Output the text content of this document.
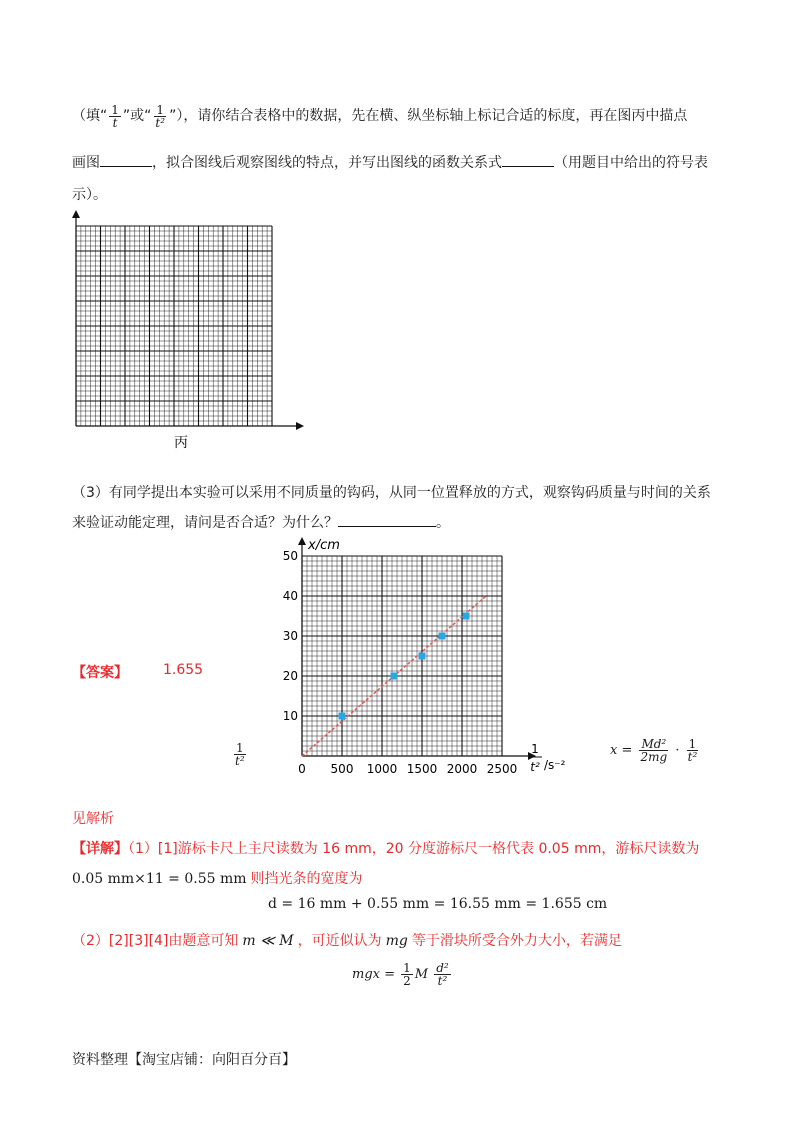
（填“ $\frac{1}{t}$ ”或“ $\frac{1}{\text{t²}}$ ”），请你结合表格中的数据，先在横、纵坐标轴上标记合适的标度，再在图丙中描点
画图	，拟合图线后观察图线的特点，并写出图线的函数关系式	（用题目中给出的符号表
示）。
丙
（3）有同学提出本实验可以采用不同质量的钩码，从同一位置释放的方式，观察钩码质量与时间的关系
来验证动能定理，请问是否合适？为什么？	。
【答案】	1.655
$\frac{1}{\text{t²}}$
x/cm
10
20
30
40
50
0 500 1000 1500 2000 2500
1
t² /s⁻²
$x = \frac{\text{Md²}}{2mg} \cdot \frac{1}{\text{t²}}$
见解析
【详解】（1）[1]游标卡尺上主尺读数为 16 mm，20 分度游标尺一格代表 0.05 mm，游标尺读数为
0.05 mm×11 = 0.55 mm 则挡光条的宽度为
d = 16 mm + 0.55 mm = 16.55 mm = 1.655 cm
（2）[2][3][4]由题意可知 m ≪ M ，可近似认为 mg 等于滑块所受合外力大小，若满足
mgx = $\frac{1}{2}$ M $\frac{\text{d²}}{\text{t²}}$
资料整理【淘宝店铺：向阳百分百】
